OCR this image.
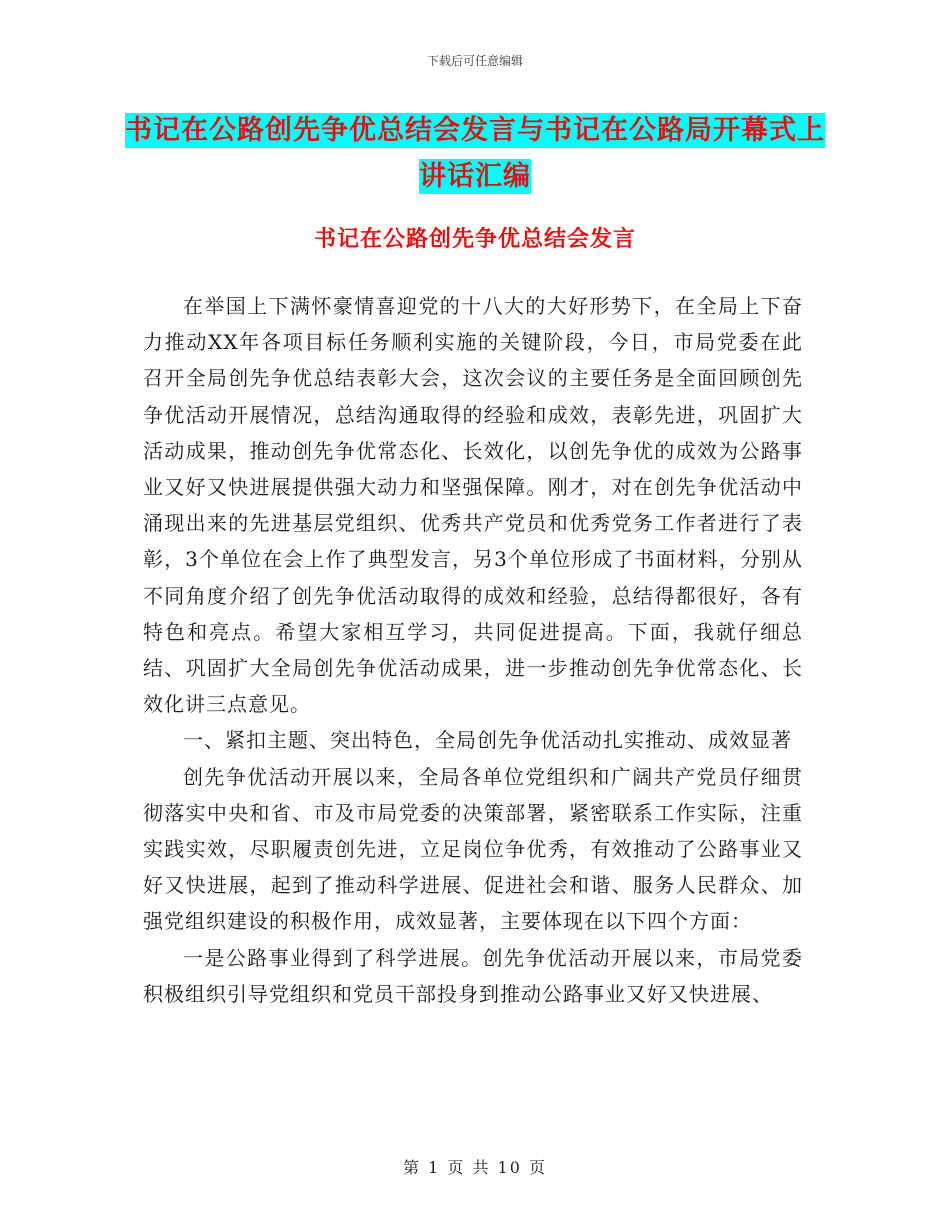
下载后可任意编辑
书记在公路创先争优总结会发言与书记在公路局开幕式上讲话汇编
书记在公路创先争优总结会发言

在举国上下满怀豪情喜迎党的十八大的大好形势下，在全局上下奋力推动XX年各项目标任务顺利实施的关键阶段，今日，市局党委在此召开全局创先争优总结表彰大会，这次会议的主要任务是全面回顾创先争优活动开展情况，总结沟通取得的经验和成效，表彰先进，巩固扩大活动成果，推动创先争优常态化、长效化，以创先争优的成效为公路事业又好又快进展提供强大动力和坚强保障。刚才，对在创先争优活动中涌现出来的先进基层党组织、优秀共产党员和优秀党务工作者进行了表彰，3个单位在会上作了典型发言，另3个单位形成了书面材料，分别从不同角度介绍了创先争优活动取得的成效和经验，总结得都很好，各有特色和亮点。希望大家相互学习，共同促进提高。下面，我就仔细总结、巩固扩大全局创先争优活动成果，进一步推动创先争优常态化、长效化讲三点意见。

一、紧扣主题、突出特色，全局创先争优活动扎实推动、成效显著

创先争优活动开展以来，全局各单位党组织和广阔共产党员仔细贯彻落实中央和省、市及市局党委的决策部署，紧密联系工作实际，注重实践实效，尽职履责创先进，立足岗位争优秀，有效推动了公路事业又好又快进展，起到了推动科学进展、促进社会和谐、服务人民群众、加强党组织建设的积极作用，成效显著，主要体现在以下四个方面：

一是公路事业得到了科学进展。创先争优活动开展以来，市局党委积极组织引导党组织和党员干部投身到推动公路事业又好又快进展、

第 1 页 共 10 页
